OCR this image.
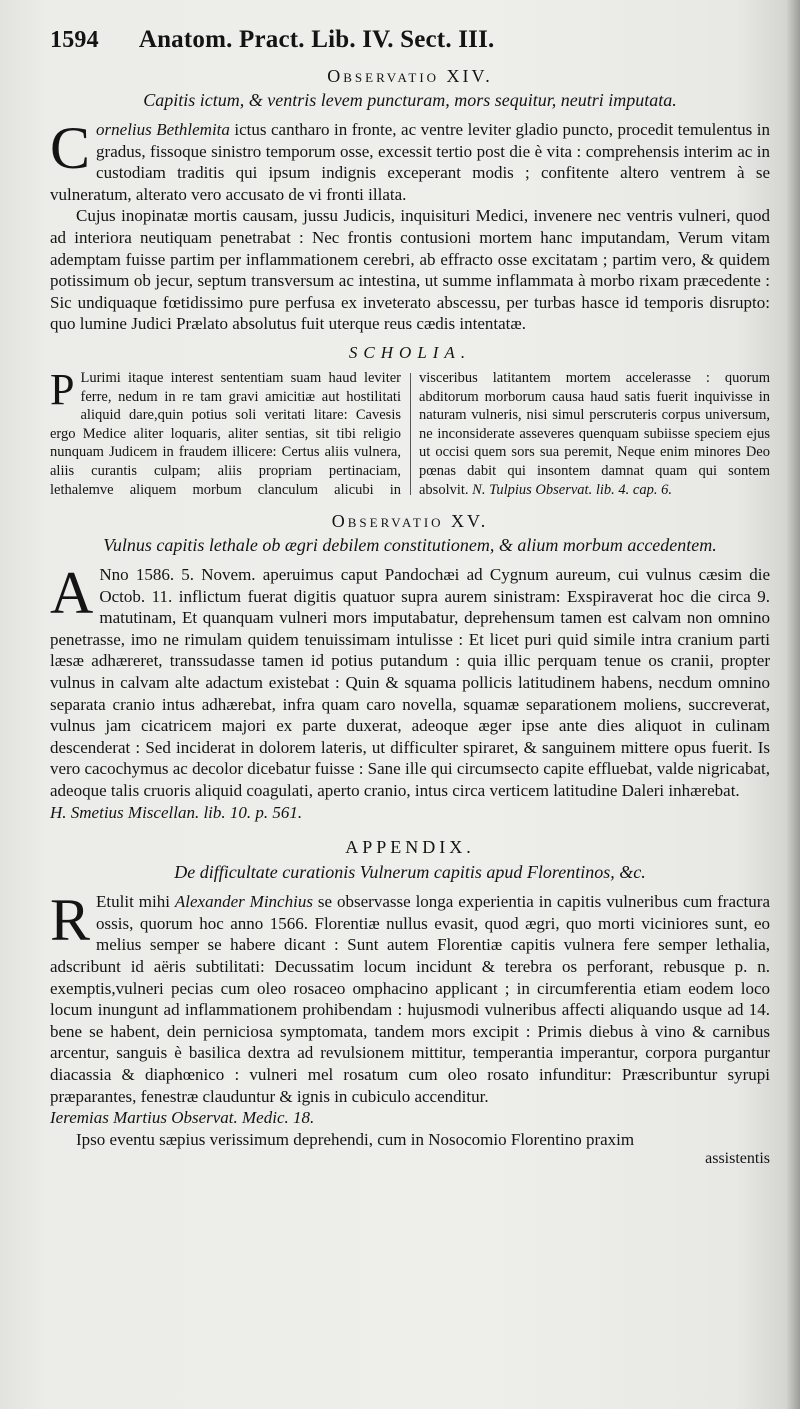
1594 Anatom. Pract. Lib. IV. Sect. III.
Observatio XIV.
Capitis ictum, & ventris levem puncturam, mors sequitur, neutri imputata.

Cornelius Bethlemita ictus cantharo in fronte, ac ventre leviter gladio puncto, procedit temulentus in gradus, fissoque sinistro temporum osse, excessit tertio post die è vita : comprehensis interim ac in custodiam traditis qui ipsum indignis exceperant modis ; confitente altero ventrem à se vulneratum, alterato vero accusato de vi fronti illata.

Cujus inopinatæ mortis causam, jussu Judicis, inquisituri Medici, invenere nec ventris vulneri, quod ad interiora neutiquam penetrabat : Nec frontis contusioni mortem hanc imputandam, Verum vitam ademptam fuisse partim per inflammationem cerebri, ab effracto osse excitatam ; partim vero, & quidem potissimum ob jecur, septum transversum ac intestina, ut summe inflammata à morbo rixam præcedente : Sic undiquaque fœtidissimo pure perfusa ex inveterato abscessu, per turbas hasce id temporis disrupto: quo lumine Judici Prælato absolutus fuit uterque reus cædis intentatæ.

SCHOLIA.
P Lurimi itaque interest sententiam suam haud leviter ferre, nedum in re tam gravi amicitiæ aut hostilitati aliquid dare,quin potius soli veritati litare: Cavesis ergo Medice aliter loquaris, aliter sentias, sit tibi religio nunquam Judicem in fraudem illicere: Certus aliis vulnera, aliis curantis culpam; aliis propriam pertinaciam, lethalemve aliquem morbum clanculum alicubi in visceribus latitantem mortem accelerasse : quorum abditorum morborum causa haud satis fuerit inquivisse in naturam vulneris, nisi simul perscruteris corpus universum, ne inconsiderate asseveres quenquam subiisse speciem ejus ut occisi quem sors sua peremit, Neque enim minores Deo pœnas dabit qui insontem damnat quam qui sontem absolvit. N. Tulpius Observat. lib. 4. cap. 6.
Observatio XV.
Vulnus capitis lethale ob ægri debilem constitutionem, & alium morbum accedentem.

A Nno 1586. 5. Novem. aperuimus caput Pandochæi ad Cygnum aureum, cui vulnus cæsim die Octob. 11. inflictum fuerat digitis quatuor supra aurem sinistram: Exspiraverat hoc die circa 9. matutinam, Et quanquam vulneri mors imputabatur, deprehensum tamen est calvam non omnino penetrasse, imo ne rimulam quidem tenuissimam intulisse : Et licet puri quid simile intra cranium parti læsæ adhæreret, transsudasse tamen id potius putandum : quia illic perquam tenue os cranii, propter vulnus in calvam alte adactum existebat : Quin & squama pollicis latitudinem habens, necdum omnino separata cranio intus adhærebat, infra quam caro novella, squamæ separationem moliens, succreverat, vulnus jam cicatricem majori ex parte duxerat, adeoque æger ipse ante dies aliquot in culinam descenderat : Sed inciderat in dolorem lateris, ut difficulter spiraret, & sanguinem mittere opus fuerit. Is vero cacochymus ac decolor dicebatur fuisse : Sane ille qui circumsecto capite effluebat, valde nigricabat, adeoque talis cruoris aliquid coagulati, aperto cranio, intus circa verticem latitudine Daleri inhærebat.

H. Smetius Miscellan. lib. 10. p. 561.

APPENDIX.
De difficultate curationis Vulnerum capitis apud Florentinos, &c.

R Etulit mihi Alexander Minchius se observasse longa experientia in capitis vulneribus cum fractura ossis, quorum hoc anno 1566. Florentiæ nullus evasit, quod ægri, quo morti viciniores sunt, eo melius semper se habere dicant : Sunt autem Florentiæ capitis vulnera fere semper lethalia, adscribunt id aëris subtilitati: Decussatim locum incidunt & terebra os perforant, rebusque p. n. exemptis,vulneri pecias cum oleo rosaceo omphacino applicant ; in circumferentia etiam eodem loco locum inungunt ad inflammationem prohibendam : hujusmodi vulneribus affecti aliquando usque ad 14. bene se habent, dein perniciosa symptomata, tandem mors excipit : Primis diebus à vino & carnibus arcentur, sanguis è basilica dextra ad revulsionem mittitur, temperantia imperantur, corpora purgantur diacassia & diaphœnico : vulneri mel rosatum cum oleo rosato infunditur: Præscribuntur syrupi præparantes, fenestræ clauduntur & ignis in cubiculo accenditur.

Ieremias Martius Observat. Medic. 18.

Ipso eventu sæpius verissimum deprehendi, cum in Nosocomio Florentino praxim

assistentis
